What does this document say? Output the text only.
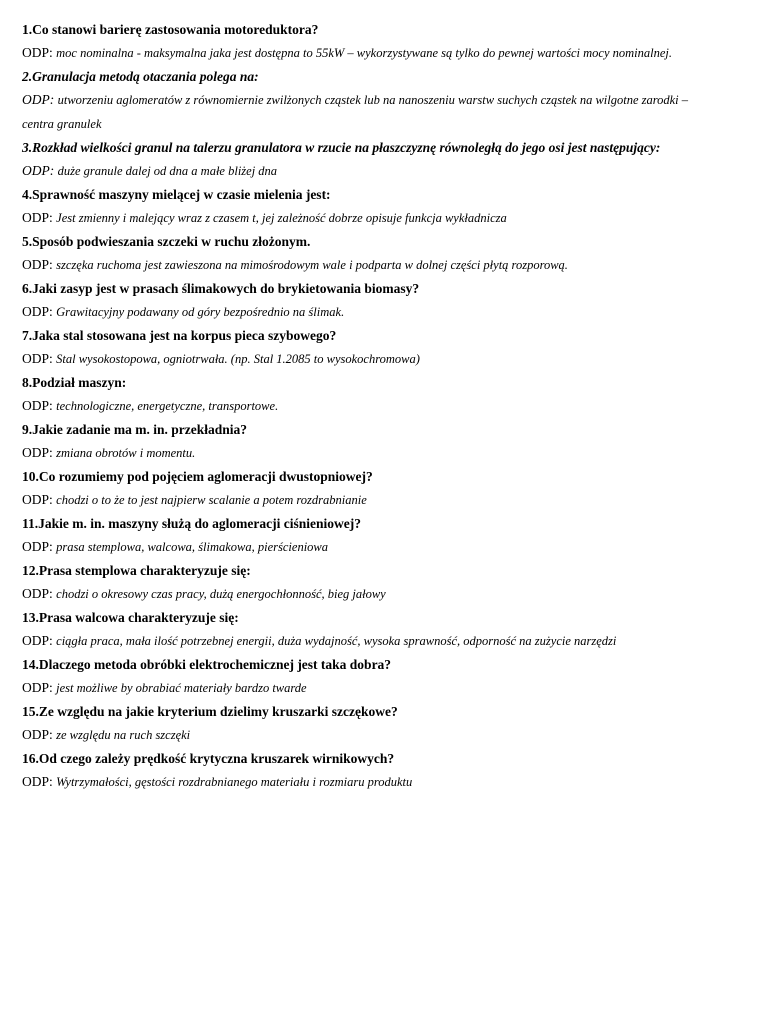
1.Co stanowi barierę zastosowania motoreduktora?
ODP: moc nominalna - maksymalna jaka jest dostępna to 55kW – wykorzystywane są tylko do pewnej wartości mocy nominalnej.
2.Granulacja metodą otaczania polega na:
ODP: utworzeniu aglomeratów z równomiernie zwilżonych cząstek lub na nanoszeniu warstw suchych cząstek na wilgotne zarodki – centra granulek
3.Rozkład wielkości granul na talerzu granulatora w rzucie na płaszczyznę równoległą do jego osi jest następujący:
ODP: duże granule dalej od dna a małe bliżej dna
4.Sprawność maszyny mielącej w czasie mielenia jest:
ODP: Jest zmienny i malejący wraz z czasem t, jej zależność dobrze opisuje funkcja wykładnicza
5.Sposób podwieszania szczeki w ruchu złożonym.
ODP: szczęka ruchoma jest zawieszona na mimośrodowym wale i podparta w dolnej części płytą rozporową.
6.Jaki zasyp jest w prasach ślimakowych do brykietowania biomasy?
ODP: Grawitacyjny podawany od góry bezpośrednio na ślimak.
7.Jaka stal stosowana jest na korpus pieca szybowego?
ODP: Stal wysokostopowa, ogniotrwała. (np. Stal 1.2085 to wysokochromowa)
8.Podział maszyn:
ODP: technologiczne, energetyczne, transportowe.
9.Jakie zadanie ma m. in. przekładnia?
ODP: zmiana obrotów i momentu.
10.Co rozumiemy pod pojęciem aglomeracji dwustopniowej?
ODP: chodzi o to że to jest najpierw scalanie a potem rozdrabnianie
11.Jakie m. in. maszyny służą do aglomeracji ciśnieniowej?
ODP: prasa stemplowa, walcowa, ślimakowa, pierścieniowa
12.Prasa stemplowa charakteryzuje się:
ODP: chodzi o okresowy czas pracy, dużą energochłonność, bieg jałowy
13.Prasa walcowa charakteryzuje się:
ODP: ciągła praca, mała ilość potrzebnej energii, duża wydajność, wysoka sprawność, odporność na zużycie narzędzi
14.Dlaczego metoda obróbki elektrochemicznej jest taka dobra?
ODP: jest możliwe by obrabiać materiały bardzo twarde
15.Ze względu na jakie kryterium dzielimy kruszarki szczękowe?
ODP: ze względu na ruch szczęki
16.Od czego zależy prędkość krytyczna kruszarek wirnikowych?
ODP: Wytrzymałości, gęstości rozdrabnianego materiału i rozmiaru produktu
